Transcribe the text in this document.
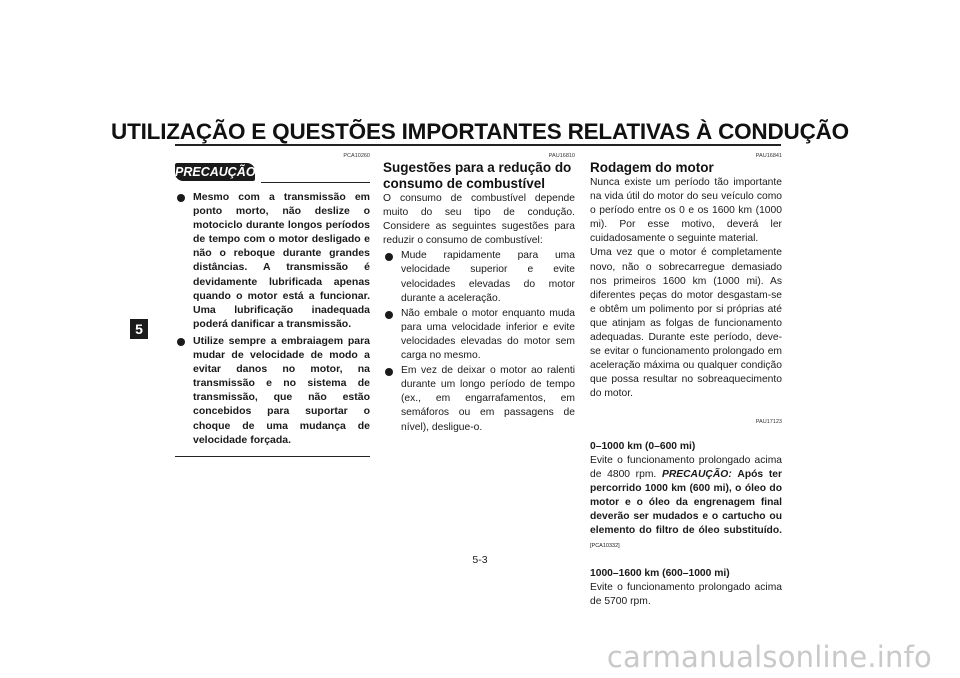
UTILIZAÇÃO E QUESTÕES IMPORTANTES RELATIVAS À CONDUÇÃO
5
PCA10260
PRECAUÇÃO
Mesmo com a transmissão em ponto morto, não deslize o motociclo durante longos períodos de tempo com o motor desligado e não o reboque durante grandes distâncias. A transmissão é devidamente lubrificada apenas quando o motor está a funcionar. Uma lubrificação inadequada poderá danificar a transmissão.
Utilize sempre a embraiagem para mudar de velocidade de modo a evitar danos no motor, na transmissão e no sistema de transmissão, que não estão concebidos para suportar o choque de uma mudança de velocidade forçada.
PAU16810
Sugestões para a redução do consumo de combustível

O consumo de combustível depende muito do seu tipo de condução. Considere as seguintes sugestões para reduzir o consumo de combustível:

Mude rapidamente para uma velocidade superior e evite velocidades elevadas do motor durante a aceleração.
Não embale o motor enquanto muda para uma velocidade inferior e evite velocidades elevadas do motor sem carga no mesmo.
Em vez de deixar o motor ao ralenti durante um longo período de tempo (ex., em engarrafamentos, em semáforos ou em passagens de nível), desligue-o.
PAU16841
Rodagem do motor

Nunca existe um período tão importante na vida útil do motor do seu veículo como o período entre os 0 e os 1600 km (1000 mi). Por esse motivo, deverá ler cuidadosamente o seguinte material.

Uma vez que o motor é completamente novo, não o sobrecarregue demasiado nos primeiros 1600 km (1000 mi). As diferentes peças do motor desgastam-se e obtêm um polimento por si próprias até que atinjam as folgas de funcionamento adequadas. Durante este período, deve-se evitar o funcionamento prolongado em aceleração máxima ou qualquer condição que possa resultar no sobreaquecimento do motor.

PAU17123

0–1000 km (0–600 mi)

Evite o funcionamento prolongado acima de 4800 rpm. PRECAUÇÃO: Após ter percorrido 1000 km (600 mi), o óleo do motor e o óleo da engrenagem final deverão ser mudados e o cartucho ou elemento do filtro de óleo substituído. [PCA10332]

1000–1600 km (600–1000 mi)

Evite o funcionamento prolongado acima de 5700 rpm.

5-3
carmanualsonline.info
